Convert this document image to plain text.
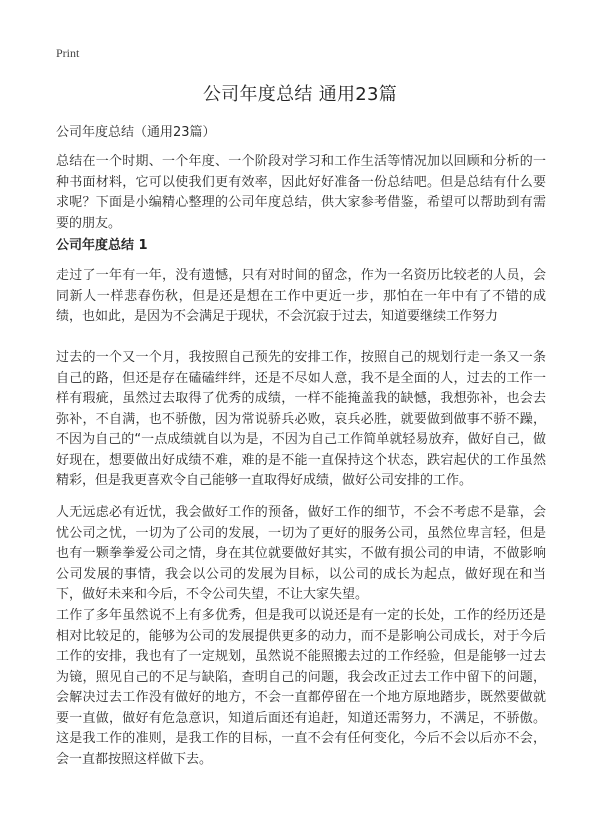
Print
公司年度总结 通用23篇
公司年度总结（通用23篇）

总结在一个时期、一个年度、一个阶段对学习和工作生活等情况加以回顾和分析的一种书面材料，它可以使我们更有效率，因此好好准备一份总结吧。但是总结有什么要求呢？下面是小编精心整理的公司年度总结，供大家参考借鉴，希望可以帮助到有需要的朋友。

公司年度总结 1

走过了一年有一年，没有遗憾，只有对时间的留念，作为一名资历比较老的人员，会同新人一样悲春伤秋，但是还是想在工作中更近一步，那怕在一年中有了不错的成绩，也如此，是因为不会满足于现状，不会沉寂于过去，知道要继续工作努力

过去的一个又一个月，我按照自己预先的安排工作，按照自己的规划行走一条又一条自己的路，但还是存在磕磕绊绊，还是不尽如人意，我不是全面的人，过去的工作一样有瑕疵，虽然过去取得了优秀的成绩，一样不能掩盖我的缺憾，我想弥补，也会去弥补，不自满，也不骄傲，因为常说骄兵必败，哀兵必胜，就要做到做事不骄不躁，不因为自己的“一点成绩就自以为是，不因为自己工作简单就轻易放弃，做好自己，做好现在，想要做出好成绩不难，难的是不能一直保持这个状态，跌宕起伏的工作虽然精彩，但是我更喜欢令自己能够一直取得好成绩，做好公司安排的工作。

人无远虑必有近忧，我会做好工作的预备，做好工作的细节，不会不考虑不是靠，会忧公司之忧，一切为了公司的发展，一切为了更好的服务公司，虽然位卑言轻，但是也有一颗拳拳爱公司之情，身在其位就要做好其实，不做有损公司的申请，不做影响公司发展的事情，我会以公司的发展为目标，以公司的成长为起点，做好现在和当下，做好未来和今后，不令公司失望，不让大家失望。

工作了多年虽然说不上有多优秀，但是我可以说还是有一定的长处，工作的经历还是相对比较足的，能够为公司的发展提供更多的动力，而不是影响公司成长，对于今后工作的安排，我也有了一定规划，虽然说不能照搬去过的工作经验，但是能够一过去为镜，照见自己的不足与缺陷，查明自己的问题，我会改正过去工作中留下的问题，会解决过去工作没有做好的地方，不会一直都停留在一个地方原地踏步，既然要做就要一直做，做好有危急意识，知道后面还有追赶，知道还需努力，不满足，不骄傲。这是我工作的准则，是我工作的目标，一直不会有任何变化，今后不会以后亦不会，会一直都按照这样做下去。
